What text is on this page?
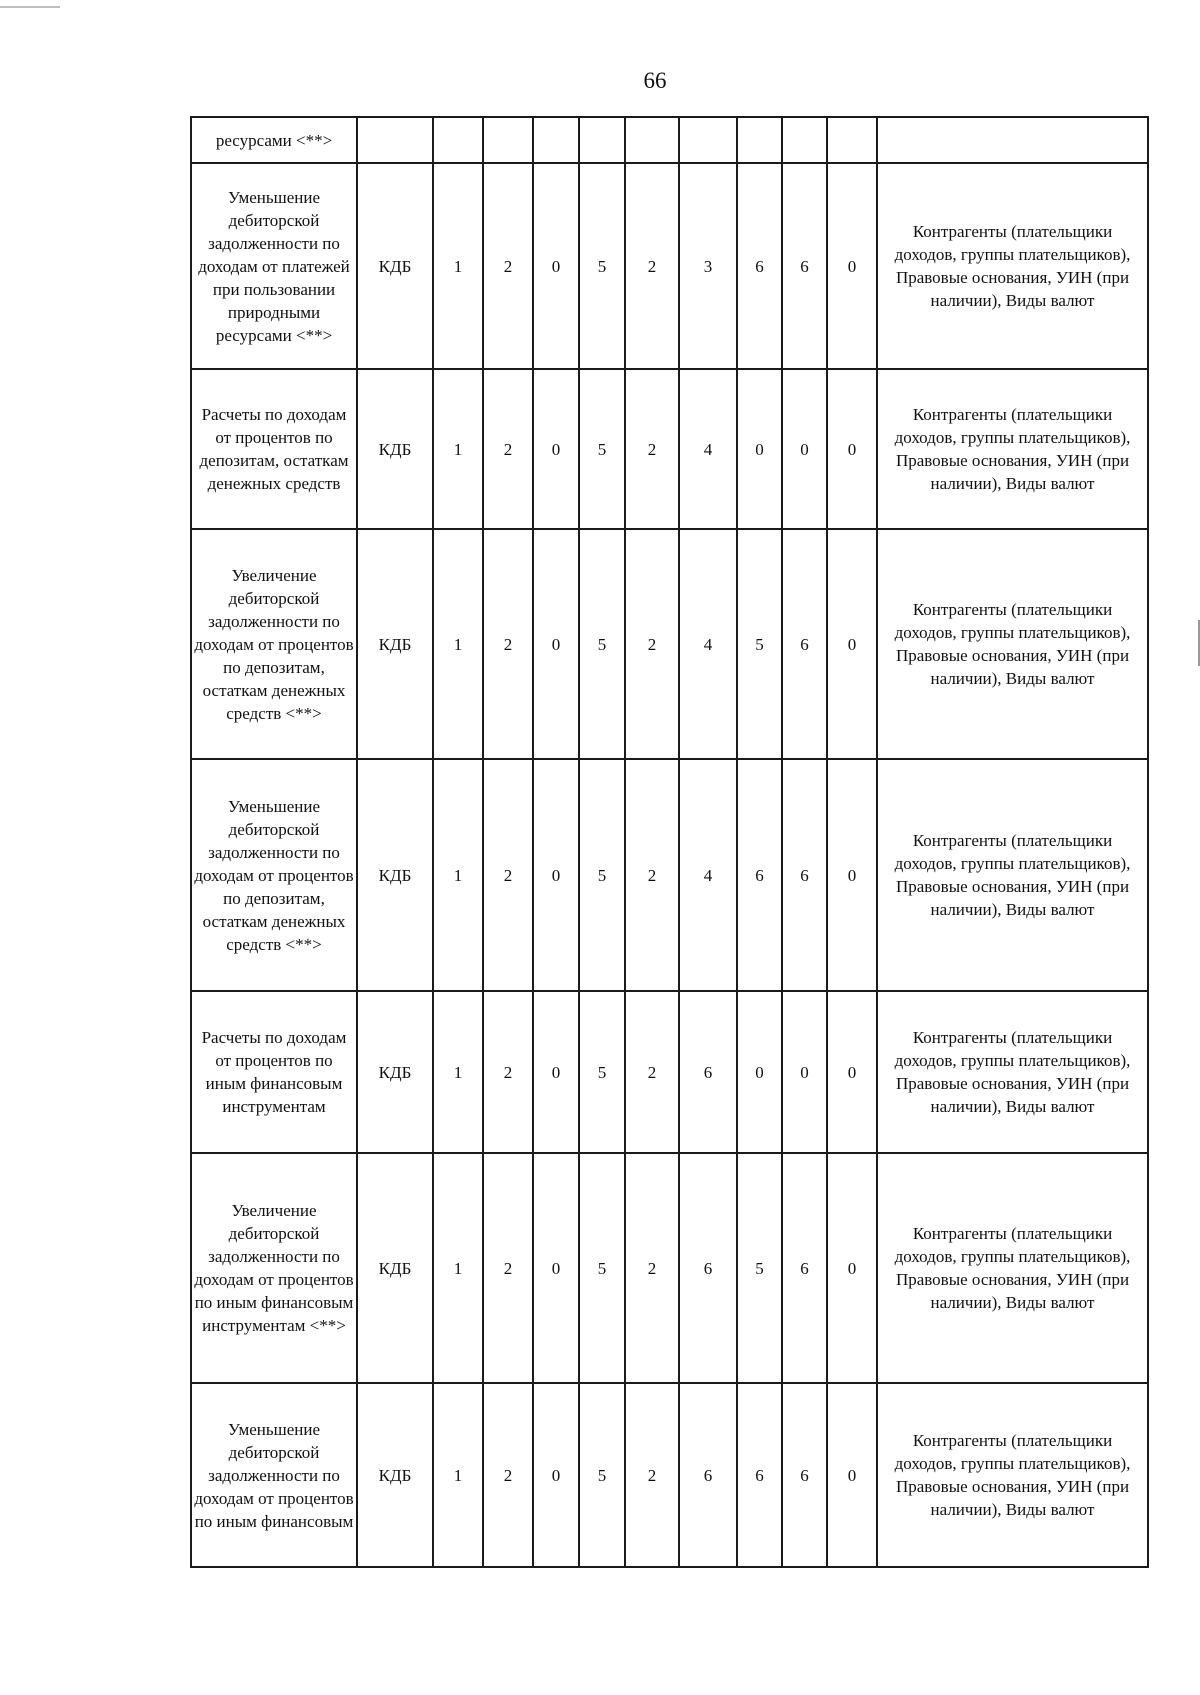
66
ресурсами <**>											
Уменьшение дебиторской задолженности по доходам от платежей при пользовании природными ресурсами <**>	КДБ	1	2	0	5	2	3	6	6	0	Контрагенты (плательщики доходов, группы плательщиков), Правовые основания, УИН (при наличии), Виды валют
Расчеты по доходам от процентов по депозитам, остаткам денежных средств	КДБ	1	2	0	5	2	4	0	0	0	Контрагенты (плательщики доходов, группы плательщиков), Правовые основания, УИН (при наличии), Виды валют
Увеличение дебиторской задолженности по доходам от процентов по депозитам, остаткам денежных средств <**>	КДБ	1	2	0	5	2	4	5	6	0	Контрагенты (плательщики доходов, группы плательщиков), Правовые основания, УИН (при наличии), Виды валют
Уменьшение дебиторской задолженности по доходам от процентов по депозитам, остаткам денежных средств <**>	КДБ	1	2	0	5	2	4	6	6	0	Контрагенты (плательщики доходов, группы плательщиков), Правовые основания, УИН (при наличии), Виды валют
Расчеты по доходам от процентов по иным финансовым инструментам	КДБ	1	2	0	5	2	6	0	0	0	Контрагенты (плательщики доходов, группы плательщиков), Правовые основания, УИН (при наличии), Виды валют
Увеличение дебиторской задолженности по доходам от процентов по иным финансовым инструментам <**>	КДБ	1	2	0	5	2	6	5	6	0	Контрагенты (плательщики доходов, группы плательщиков), Правовые основания, УИН (при наличии), Виды валют
Уменьшение дебиторской задолженности по доходам от процентов по иным финансовым	КДБ	1	2	0	5	2	6	6	6	0	Контрагенты (плательщики доходов, группы плательщиков), Правовые основания, УИН (при наличии), Виды валют
